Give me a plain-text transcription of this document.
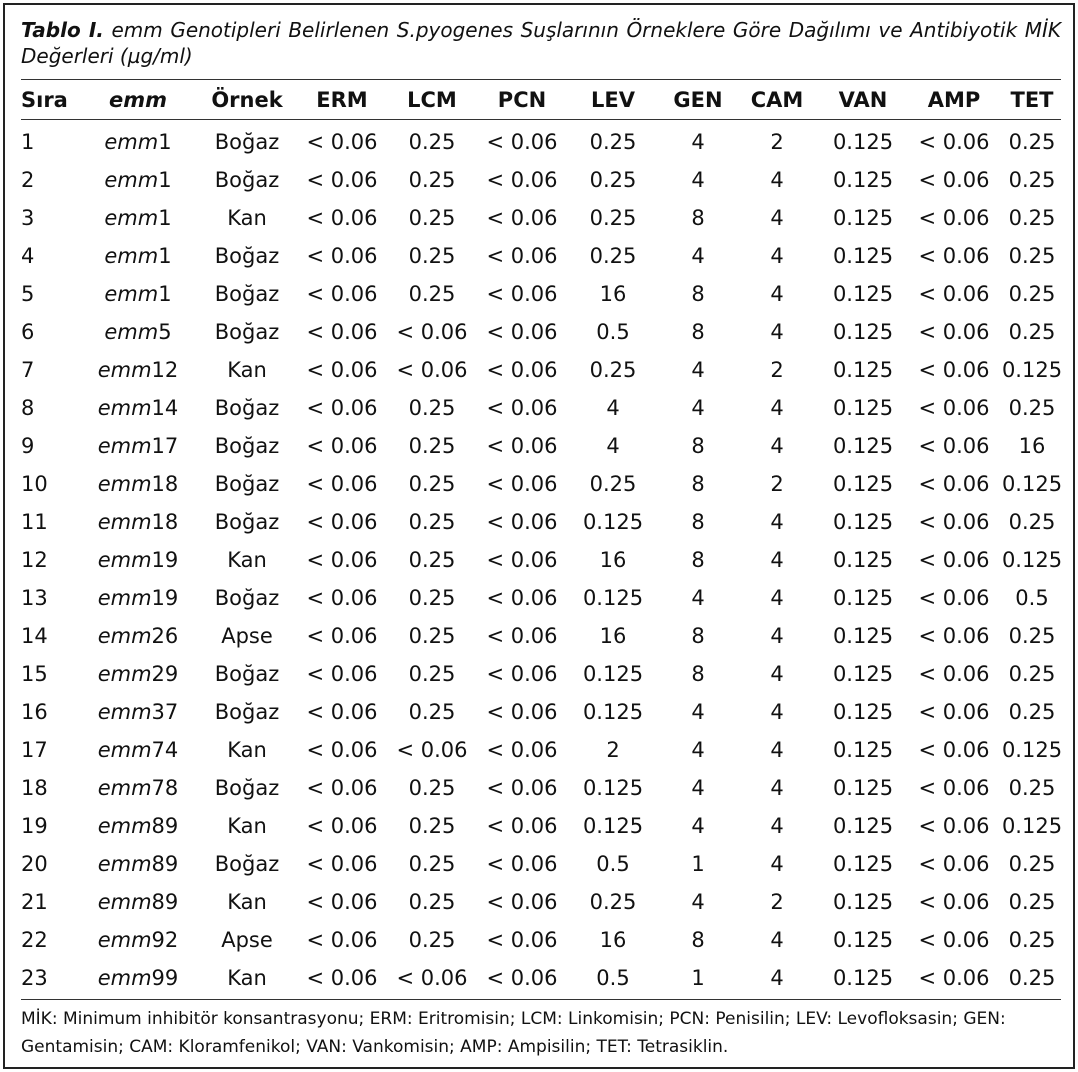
Tablo I. emm Genotipleri Belirlenen S.pyogenes Suşlarının Örneklere Göre Dağılımı ve Antibiyotik MİK Değerleri (µg/ml)
Sıra	emm	Örnek	ERM	LCM	PCN	LEV	GEN	CAM	VAN	AMP	TET
1	emm1	Boğaz	< 0.06	0.25	< 0.06	0.25	4	2	0.125	< 0.06	0.25
2	emm1	Boğaz	< 0.06	0.25	< 0.06	0.25	4	4	0.125	< 0.06	0.25
3	emm1	Kan	< 0.06	0.25	< 0.06	0.25	8	4	0.125	< 0.06	0.25
4	emm1	Boğaz	< 0.06	0.25	< 0.06	0.25	4	4	0.125	< 0.06	0.25
5	emm1	Boğaz	< 0.06	0.25	< 0.06	16	8	4	0.125	< 0.06	0.25
6	emm5	Boğaz	< 0.06	< 0.06	< 0.06	0.5	8	4	0.125	< 0.06	0.25
7	emm12	Kan	< 0.06	< 0.06	< 0.06	0.25	4	2	0.125	< 0.06	0.125
8	emm14	Boğaz	< 0.06	0.25	< 0.06	4	4	4	0.125	< 0.06	0.25
9	emm17	Boğaz	< 0.06	0.25	< 0.06	4	8	4	0.125	< 0.06	16
10	emm18	Boğaz	< 0.06	0.25	< 0.06	0.25	8	2	0.125	< 0.06	0.125
11	emm18	Boğaz	< 0.06	0.25	< 0.06	0.125	8	4	0.125	< 0.06	0.25
12	emm19	Kan	< 0.06	0.25	< 0.06	16	8	4	0.125	< 0.06	0.125
13	emm19	Boğaz	< 0.06	0.25	< 0.06	0.125	4	4	0.125	< 0.06	0.5
14	emm26	Apse	< 0.06	0.25	< 0.06	16	8	4	0.125	< 0.06	0.25
15	emm29	Boğaz	< 0.06	0.25	< 0.06	0.125	8	4	0.125	< 0.06	0.25
16	emm37	Boğaz	< 0.06	0.25	< 0.06	0.125	4	4	0.125	< 0.06	0.25
17	emm74	Kan	< 0.06	< 0.06	< 0.06	2	4	4	0.125	< 0.06	0.125
18	emm78	Boğaz	< 0.06	0.25	< 0.06	0.125	4	4	0.125	< 0.06	0.25
19	emm89	Kan	< 0.06	0.25	< 0.06	0.125	4	4	0.125	< 0.06	0.125
20	emm89	Boğaz	< 0.06	0.25	< 0.06	0.5	1	4	0.125	< 0.06	0.25
21	emm89	Kan	< 0.06	0.25	< 0.06	0.25	4	2	0.125	< 0.06	0.25
22	emm92	Apse	< 0.06	0.25	< 0.06	16	8	4	0.125	< 0.06	0.25
23	emm99	Kan	< 0.06	< 0.06	< 0.06	0.5	1	4	0.125	< 0.06	0.25
MİK: Minimum inhibitör konsantrasyonu; ERM: Eritromisin; LCM: Linkomisin; PCN: Penisilin; LEV: Levofloksasin; GEN: Gentamisin; CAM: Kloramfenikol; VAN: Vankomisin; AMP: Ampisilin; TET: Tetrasiklin.
